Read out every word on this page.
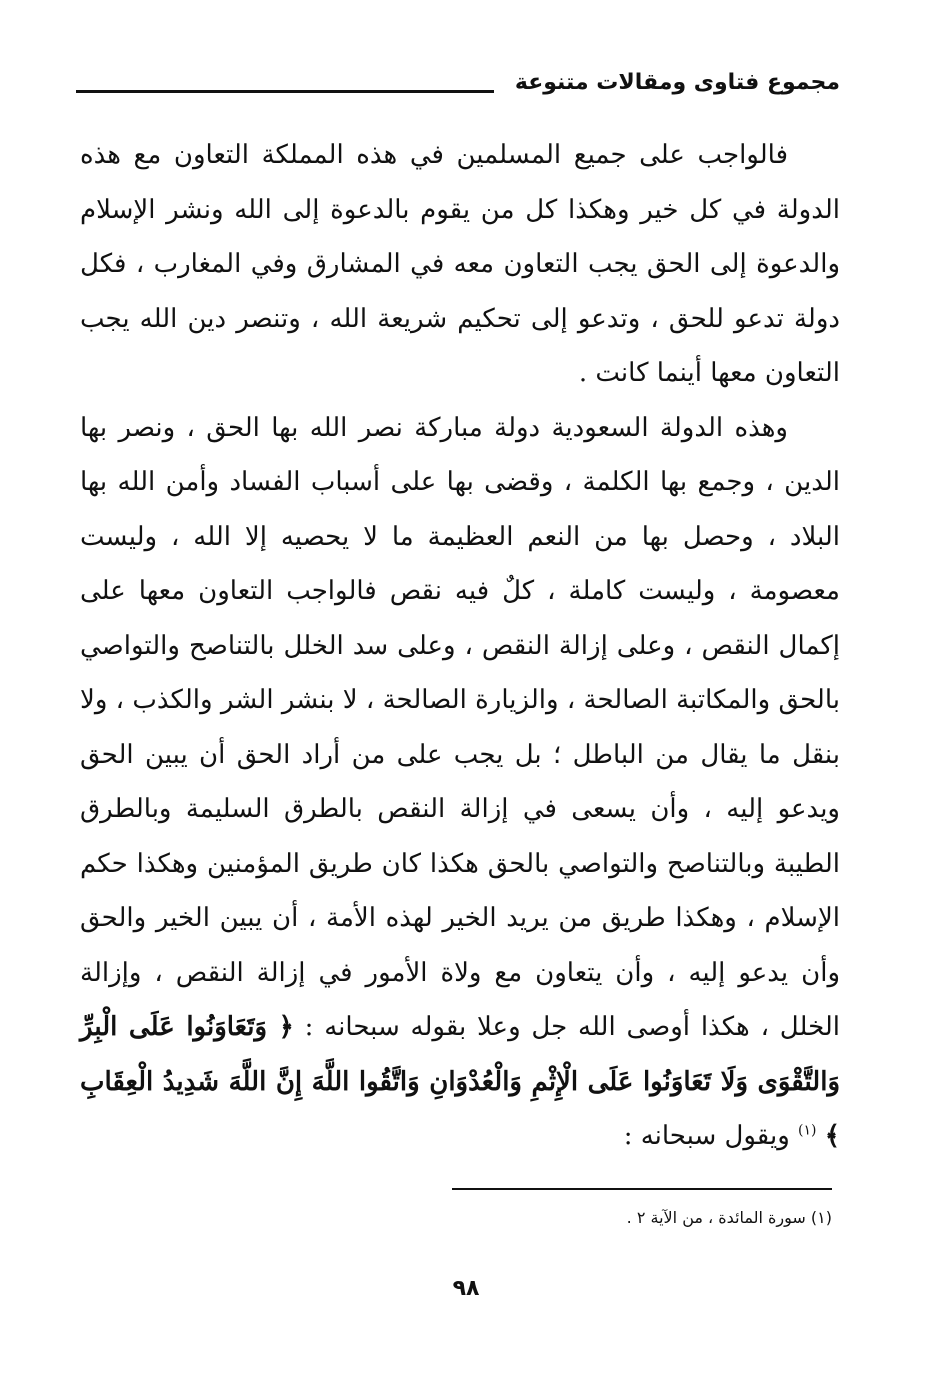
مجموع فتاوى ومقالات متنوعة

فالواجب على جميع المسلمين في هذه المملكة التعاون مع هذه الدولة في كل خير وهكذا كل من يقوم بالدعوة إلى الله ونشر الإسلام والدعوة إلى الحق يجب التعاون معه في المشارق وفي المغارب ، فكل دولة تدعو للحق ، وتدعو إلى تحكيم شريعة الله ، وتنصر دين الله يجب التعاون معها أينما كانت .

وهذه الدولة السعودية دولة مباركة نصر الله بها الحق ، ونصر بها الدين ، وجمع بها الكلمة ، وقضى بها على أسباب الفساد وأمن الله بها البلاد ، وحصل بها من النعم العظيمة ما لا يحصيه إلا الله ، وليست معصومة ، وليست كاملة ، كلٌ فيه نقص فالواجب التعاون معها على إكمال النقص ، وعلى إزالة النقص ، وعلى سد الخلل بالتناصح والتواصي بالحق والمكاتبة الصالحة ، والزيارة الصالحة ، لا بنشر الشر والكذب ، ولا بنقل ما يقال من الباطل ؛ بل يجب على من أراد الحق أن يبين الحق ويدعو إليه ، وأن يسعى في إزالة النقص بالطرق السليمة وبالطرق الطيبة وبالتناصح والتواصي بالحق هكذا كان طريق المؤمنين وهكذا حكم الإسلام ، وهكذا طريق من يريد الخير لهذه الأمة ، أن يبين الخير والحق وأن يدعو إليه ، وأن يتعاون مع ولاة الأمور في إزالة النقص ، وإزالة الخلل ، هكذا أوصى الله جل وعلا بقوله سبحانه : ﴿ وَتَعَاوَنُوا عَلَى الْبِرِّ وَالتَّقْوَى وَلَا تَعَاوَنُوا عَلَى الْإِثْمِ وَالْعُدْوَانِ وَاتَّقُوا اللَّهَ إِنَّ اللَّهَ شَدِيدُ الْعِقَابِ ﴾ $^{(١)}$ ويقول سبحانه :

(١) سورة المائدة ، من الآية ٢ .
٩٨
